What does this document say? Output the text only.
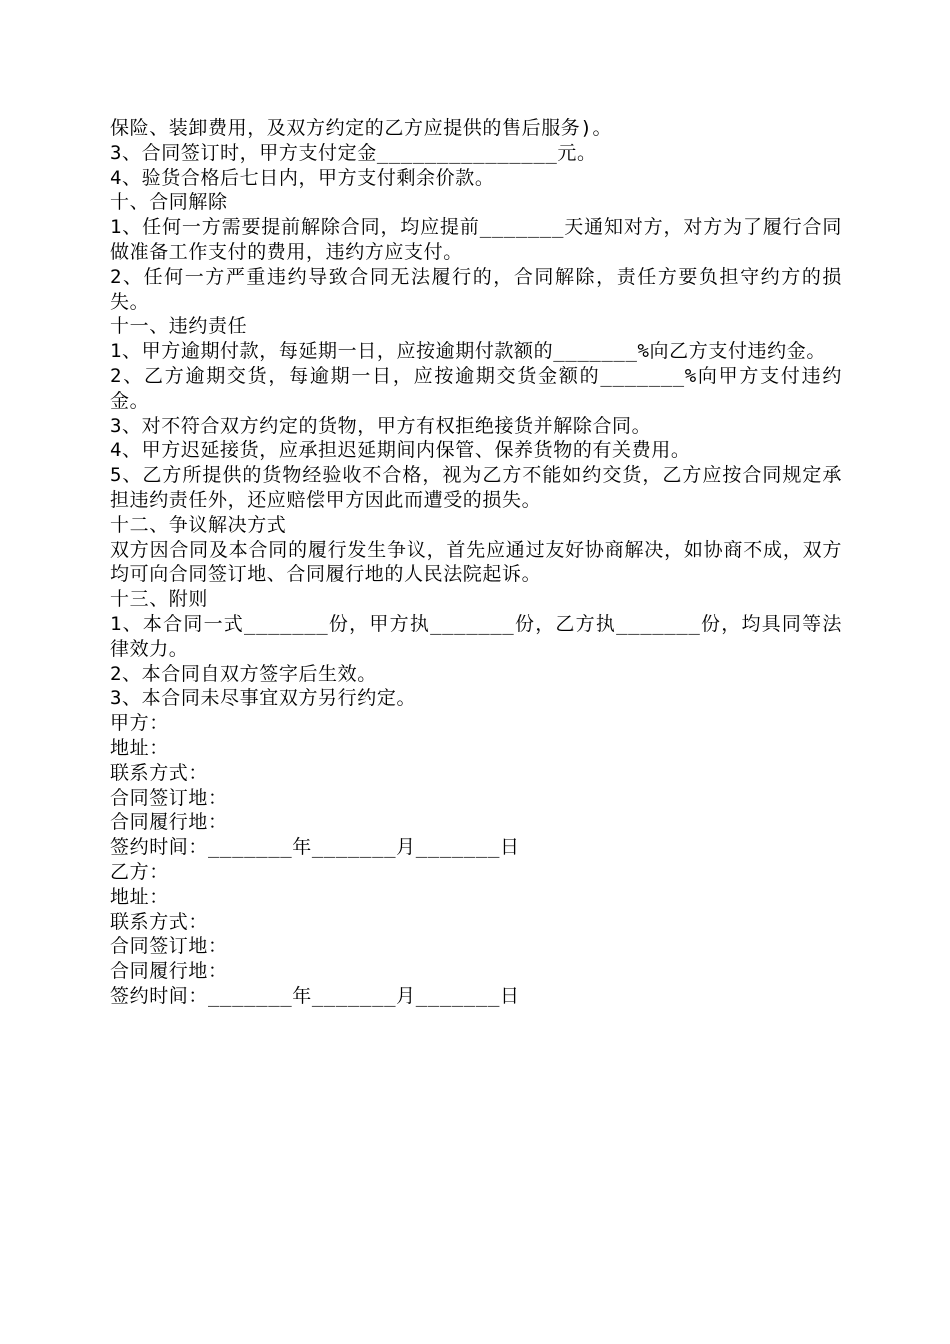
保险、装卸费用，及双方约定的乙方应提供的售后服务)。

3、合同签订时，甲方支付定金_______________元。

4、验货合格后七日内，甲方支付剩余价款。

十、合同解除

1、任何一方需要提前解除合同，均应提前_______天通知对方，对方为了履行合同做准备工作支付的费用，违约方应支付。

2、任何一方严重违约导致合同无法履行的，合同解除，责任方要负担守约方的损失。

十一、违约责任

1、甲方逾期付款，每延期一日，应按逾期付款额的_______%向乙方支付违约金。

2、乙方逾期交货，每逾期一日，应按逾期交货金额的_______%向甲方支付违约金。

3、对不符合双方约定的货物，甲方有权拒绝接货并解除合同。

4、甲方迟延接货，应承担迟延期间内保管、保养货物的有关费用。

5、乙方所提供的货物经验收不合格，视为乙方不能如约交货，乙方应按合同规定承担违约责任外，还应赔偿甲方因此而遭受的损失。

十二、争议解决方式

双方因合同及本合同的履行发生争议，首先应通过友好协商解决，如协商不成，双方均可向合同签订地、合同履行地的人民法院起诉。

十三、附则

1、本合同一式_______份，甲方执_______份，乙方执_______份，均具同等法律效力。

2、本合同自双方签字后生效。

3、本合同未尽事宜双方另行约定。

甲方：

地址：

联系方式：

合同签订地：

合同履行地：

签约时间：_______年_______月_______日

乙方：

地址：

联系方式：

合同签订地：

合同履行地：

签约时间：_______年_______月_______日
